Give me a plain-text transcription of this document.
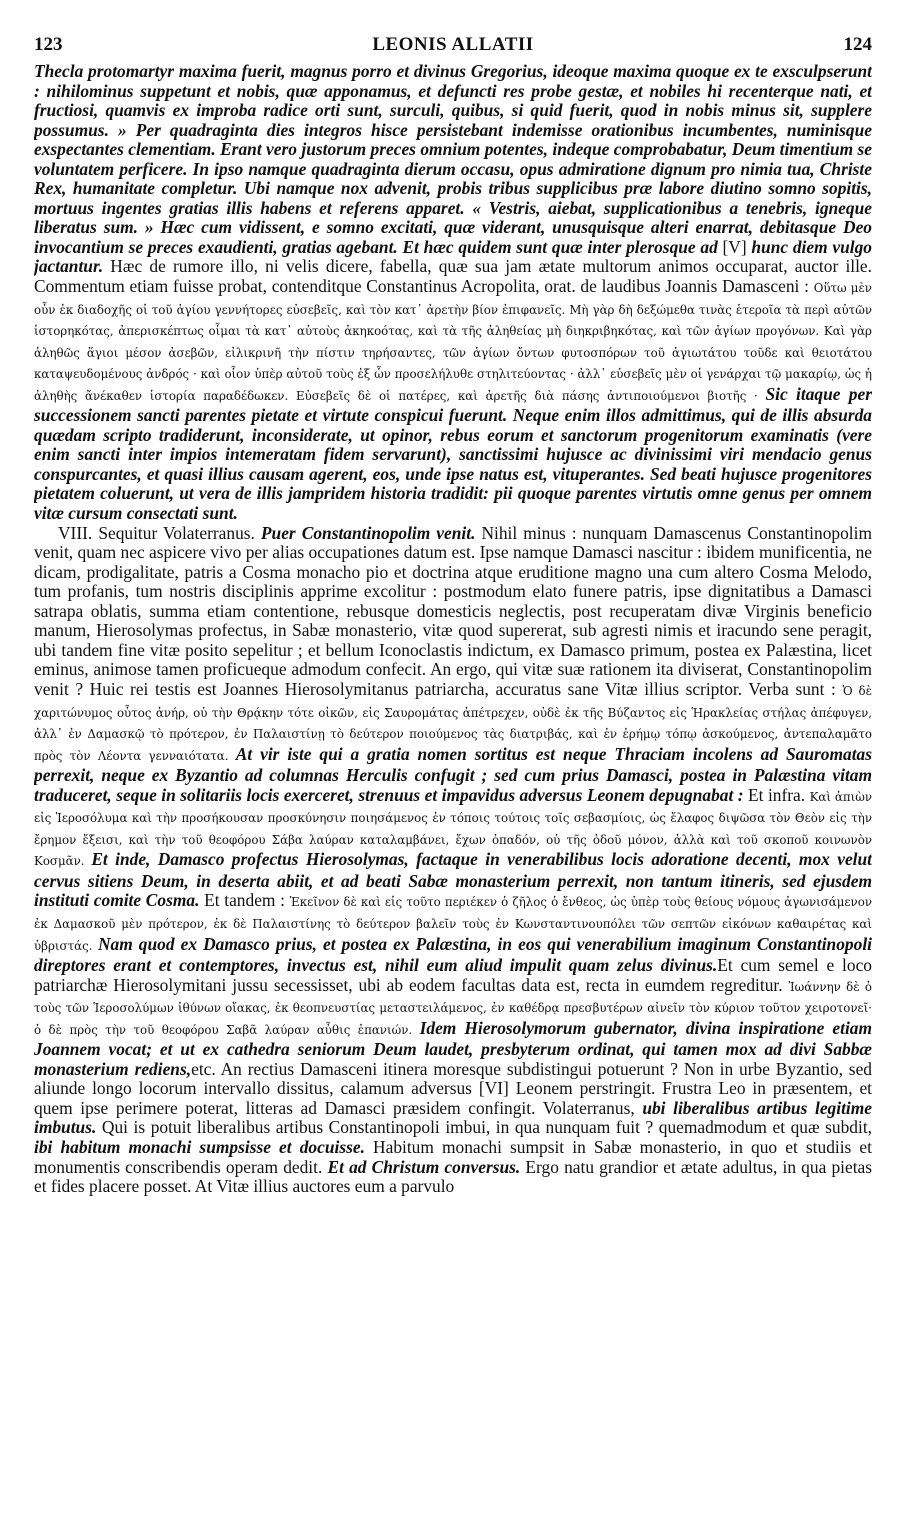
123	LEONIS ALLATII	124

Thecla protomartyr maxima fuerit, magnus porro et divinus Gregorius, ideoque maxima quoque ex te exsculpserunt : nihilominus suppetunt et nobis, quæ apponamus, et defuncti res probe gestæ, et nobiles hi recenterque nati, et fructiosi, quamvis ex improba radice orti sunt, surculi, quibus, si quid fuerit, quod in nobis minus sit, supplere possumus. » Per quadraginta dies integros hisce persistebant indemisse orationibus incumbentes, numinisque exspectantes clementiam. Erant vero justorum preces omnium potentes, indeque comprobabatur, Deum timentium se voluntatem perficere. In ipso namque quadraginta dierum occasu, opus admiratione dignum pro nimia tua, Christe Rex, humanitate completur. Ubi namque nox advenit, probis tribus supplicibus præ labore diutino somno sopitis, mortuus ingentes gratias illis habens et referens apparet. « Vestris, aiebat, supplicationibus a tenebris, igneque liberatus sum. » Hæc cum vidissent, e somno excitati, quæ viderant, unusquisque alteri enarrat, debitasque Deo invocantium se preces exaudienti, gratias agebant. Et hæc quidem sunt quæ inter plerosque ad [V] hunc diem vulgo jactantur. Hæc de rumore illo, ni velis dicere, fabella, quæ sua jam ætate multorum animos occuparat, auctor ille. Commentum etiam fuisse probat, contenditque Constantinus Acropolita, orat. de laudibus Joannis Damasceni : Οὕτω μὲν οὖν ἐκ διαδοχῆς οἱ τοῦ ἁγίου γεννήτορες εὐσεβεῖς, καὶ τὸν κατ᾽ ἀρετὴν βίον ἐπιφανεῖς. Μὴ γὰρ δὴ δεξώμεθα τινὰς ἑτεροῖα τὰ περὶ αὐτῶν ἱστορηκότας, ἀπερισκέπτως οἶμαι τὰ κατ᾽ αὐτοὺς ἀκηκοότας, καὶ τὰ τῆς ἀληθείας μὴ διηκριβηκότας, καὶ τῶν ἁγίων προγόνων. Καὶ γὰρ ἀληθῶς ἅγιοι μέσον ἀσεβῶν, εἰλικρινῆ τὴν πίστιν τηρήσαντες, τῶν ἁγίων ὄντων φυτοσπόρων τοῦ ἁγιωτάτου τοῦδε καὶ θειοτάτου καταψευδομένους ἀνδρός · καὶ οἷον ὑπὲρ αὐτοῦ τοὺς ἐξ ὧν προσελήλυθε στηλιτεύοντας · ἀλλ᾽ εὐσεβεῖς μὲν οἱ γενάρχαι τῷ μακαρίῳ, ὡς ἡ ἀληθὴς ἄνέκαθεν ἱστορία παραδέδωκεν. Εὐσεβεῖς δὲ οἱ πατέρες, καὶ ἀρετῆς διὰ πάσης ἀντιποιούμενοι βιοτῆς · Sic itaque per successionem sancti parentes pietate et virtute conspicui fuerunt. Neque enim illos admittimus, qui de illis absurda quædam scripto tradiderunt, inconsiderate, ut opinor, rebus eorum et sanctorum progenitorum examinatis (vere enim sancti inter impios intemeratam fidem servarunt), sanctissimi hujusce ac divinissimi viri mendacio genus conspurcantes, et quasi illius causam agerent, eos, unde ipse natus est, vituperantes. Sed beati hujusce progenitores pietatem coluerunt, ut vera de illis jampridem historia tradidit: pii quoque parentes virtutis omne genus per omnem vitæ cursum consectati sunt.

VIII. Sequitur Volaterranus. Puer Constantinopolim venit. Nihil minus : nunquam Damascenus Constantinopolim venit, quam nec aspicere vivo per alias occupationes datum est. Ipse namque Damasci nascitur : ibidem munificentia, ne dicam, prodigalitate, patris a Cosma monacho pio et doctrina atque eruditione magno una cum altero Cosma Melodo, tum profanis, tum nostris disciplinis apprime excolitur : postmodum elato funere patris, ipse dignitatibus a Damasci satrapa oblatis, summa etiam contentione, rebusque domesticis neglectis, post recuperatam divæ Virginis beneficio manum, Hierosolymas profectus, in Sabæ monasterio, vitæ quod supererat, sub agresti nimis et iracundo sene peragit, ubi tandem fine vitæ posito sepelitur ; et bellum Iconoclastis indictum, ex Damasco primum, postea ex Palæstina, licet eminus, animose tamen proficueque admodum confecit. An ergo, qui vitæ suæ rationem ita diviserat, Constantinopolim venit ? Huic rei testis est Joannes Hierosolymitanus patriarcha, accuratus sane Vitæ illius scriptor. Verba sunt : Ὁ δὲ χαριτώνυμος οὗτος ἀνήρ, οὐ τὴν Θρᾴκην τότε οἰκῶν, εἰς Σαυρομάτας ἀπέτρεχεν, οὐδὲ ἐκ τῆς Βύζαντος εἰς Ἡρακλείας στήλας ἀπέφυγεν, ἀλλ᾽ ἐν Δαμασκῷ τὸ πρότερον, ἐν Παλαιστίνῃ τὸ δεύτερον ποιούμενος τὰς διατριβάς, καὶ ἐν ἐρήμῳ τόπῳ ἀσκούμενος, ἀντεπαλαμᾶτο πρὸς τὸν Λέοντα γενναιότατα. At vir iste qui a gratia nomen sortitus est neque Thraciam incolens ad Sauromatas perrexit, neque ex Byzantio ad columnas Herculis confugit ; sed cum prius Damasci, postea in Palæstina vitam traduceret, seque in solitariis locis exerceret, strenuus et impavidus adversus Leonem depugnabat : Et infra. Καὶ ἀπιὼν εἰς Ἱεροσόλυμα καὶ τὴν προσήκουσαν προσκύνησιν ποιησάμενος ἐν τόποις τούτοις τοῖς σεβασμίοις, ὡς ἔλαφος διψῶσα τὸν Θεὸν εἰς τὴν ἔρημον ἔξεισι, καὶ τὴν τοῦ θεοφόρου Σάβα λαύραν καταλαμβάνει, ἔχων ὀπαδόν, οὐ τῆς ὁδοῦ μόνον, ἀλλὰ καὶ τοῦ σκοποῦ κοινωνὸν Κοσμᾶν. Et inde, Damasco profectus Hierosolymas, factaque in venerabilibus locis adoratione decenti, mox velut cervus sitiens Deum, in deserta abiit, et ad beati Sabæ monasterium perrexit, non tantum itineris, sed ejusdem instituti comite Cosma. Et tandem : Ἐκεῖνον δὲ καὶ εἰς τοῦτο περιέκεν ὁ ζῆλος ὁ ἔνθεος, ὡς ὑπὲρ τοὺς θείους νόμους ἀγωνισάμενον ἐκ Δαμασκοῦ μὲν πρότερον, ἐκ δὲ Παλαιστίνης τὸ δεύτερον βαλεῖν τοὺς ἐν Κωνσταντινουπόλει τῶν σεπτῶν εἰκόνων καθαιρέτας καὶ ὑβριστάς. Nam quod ex Damasco prius, et postea ex Palæstina, in eos qui venerabilium imaginum Constantinopoli direptores erant et contemptores, invectus est, nihil eum aliud impulit quam zelus divinus.Et cum semel e loco patriarchæ Hierosolymitani jussu secessisset, ubi ab eodem facultas data est, recta in eumdem regreditur. Ἰωάννην δὲ ὁ τοὺς τῶν Ἱεροσολύμων ἰθύνων οἴακας, ἐκ θεοπνευστίας μεταστειλάμενος, ἐν καθέδρᾳ πρεσβυτέρων αἰνεῖν τὸν κύριον τοῦτον χειροτονεῖ· ὁ δὲ πρὸς τὴν τοῦ θεοφόρου Σαβᾶ λαύραν αὖθις ἐπανιών. Idem Hierosolymorum gubernator, divina inspiratione etiam Joannem vocat; et ut ex cathedra seniorum Deum laudet, presbyterum ordinat, qui tamen mox ad divi Sabbæ monasterium rediens,etc. An rectius Damasceni itinera moresque subdistingui potuerunt ? Non in urbe Byzantio, sed aliunde longo locorum intervallo dissitus, calamum adversus [VI] Leonem perstringit. Frustra Leo in præsentem, et quem ipse perimere poterat, litteras ad Damasci præsidem confingit. Volaterranus, ubi liberalibus artibus legitime imbutus. Qui is potuit liberalibus artibus Constantinopoli imbui, in qua nunquam fuit ? quemadmodum et quæ subdit, ibi habitum monachi sumpsisse et docuisse. Habitum monachi sumpsit in Sabæ monasterio, in quo et studiis et monumentis conscribendis operam dedit. Et ad Christum conversus. Ergo natu grandior et ætate adultus, in qua pietas et fides placere posset. At Vitæ illius auctores eum a parvulo
